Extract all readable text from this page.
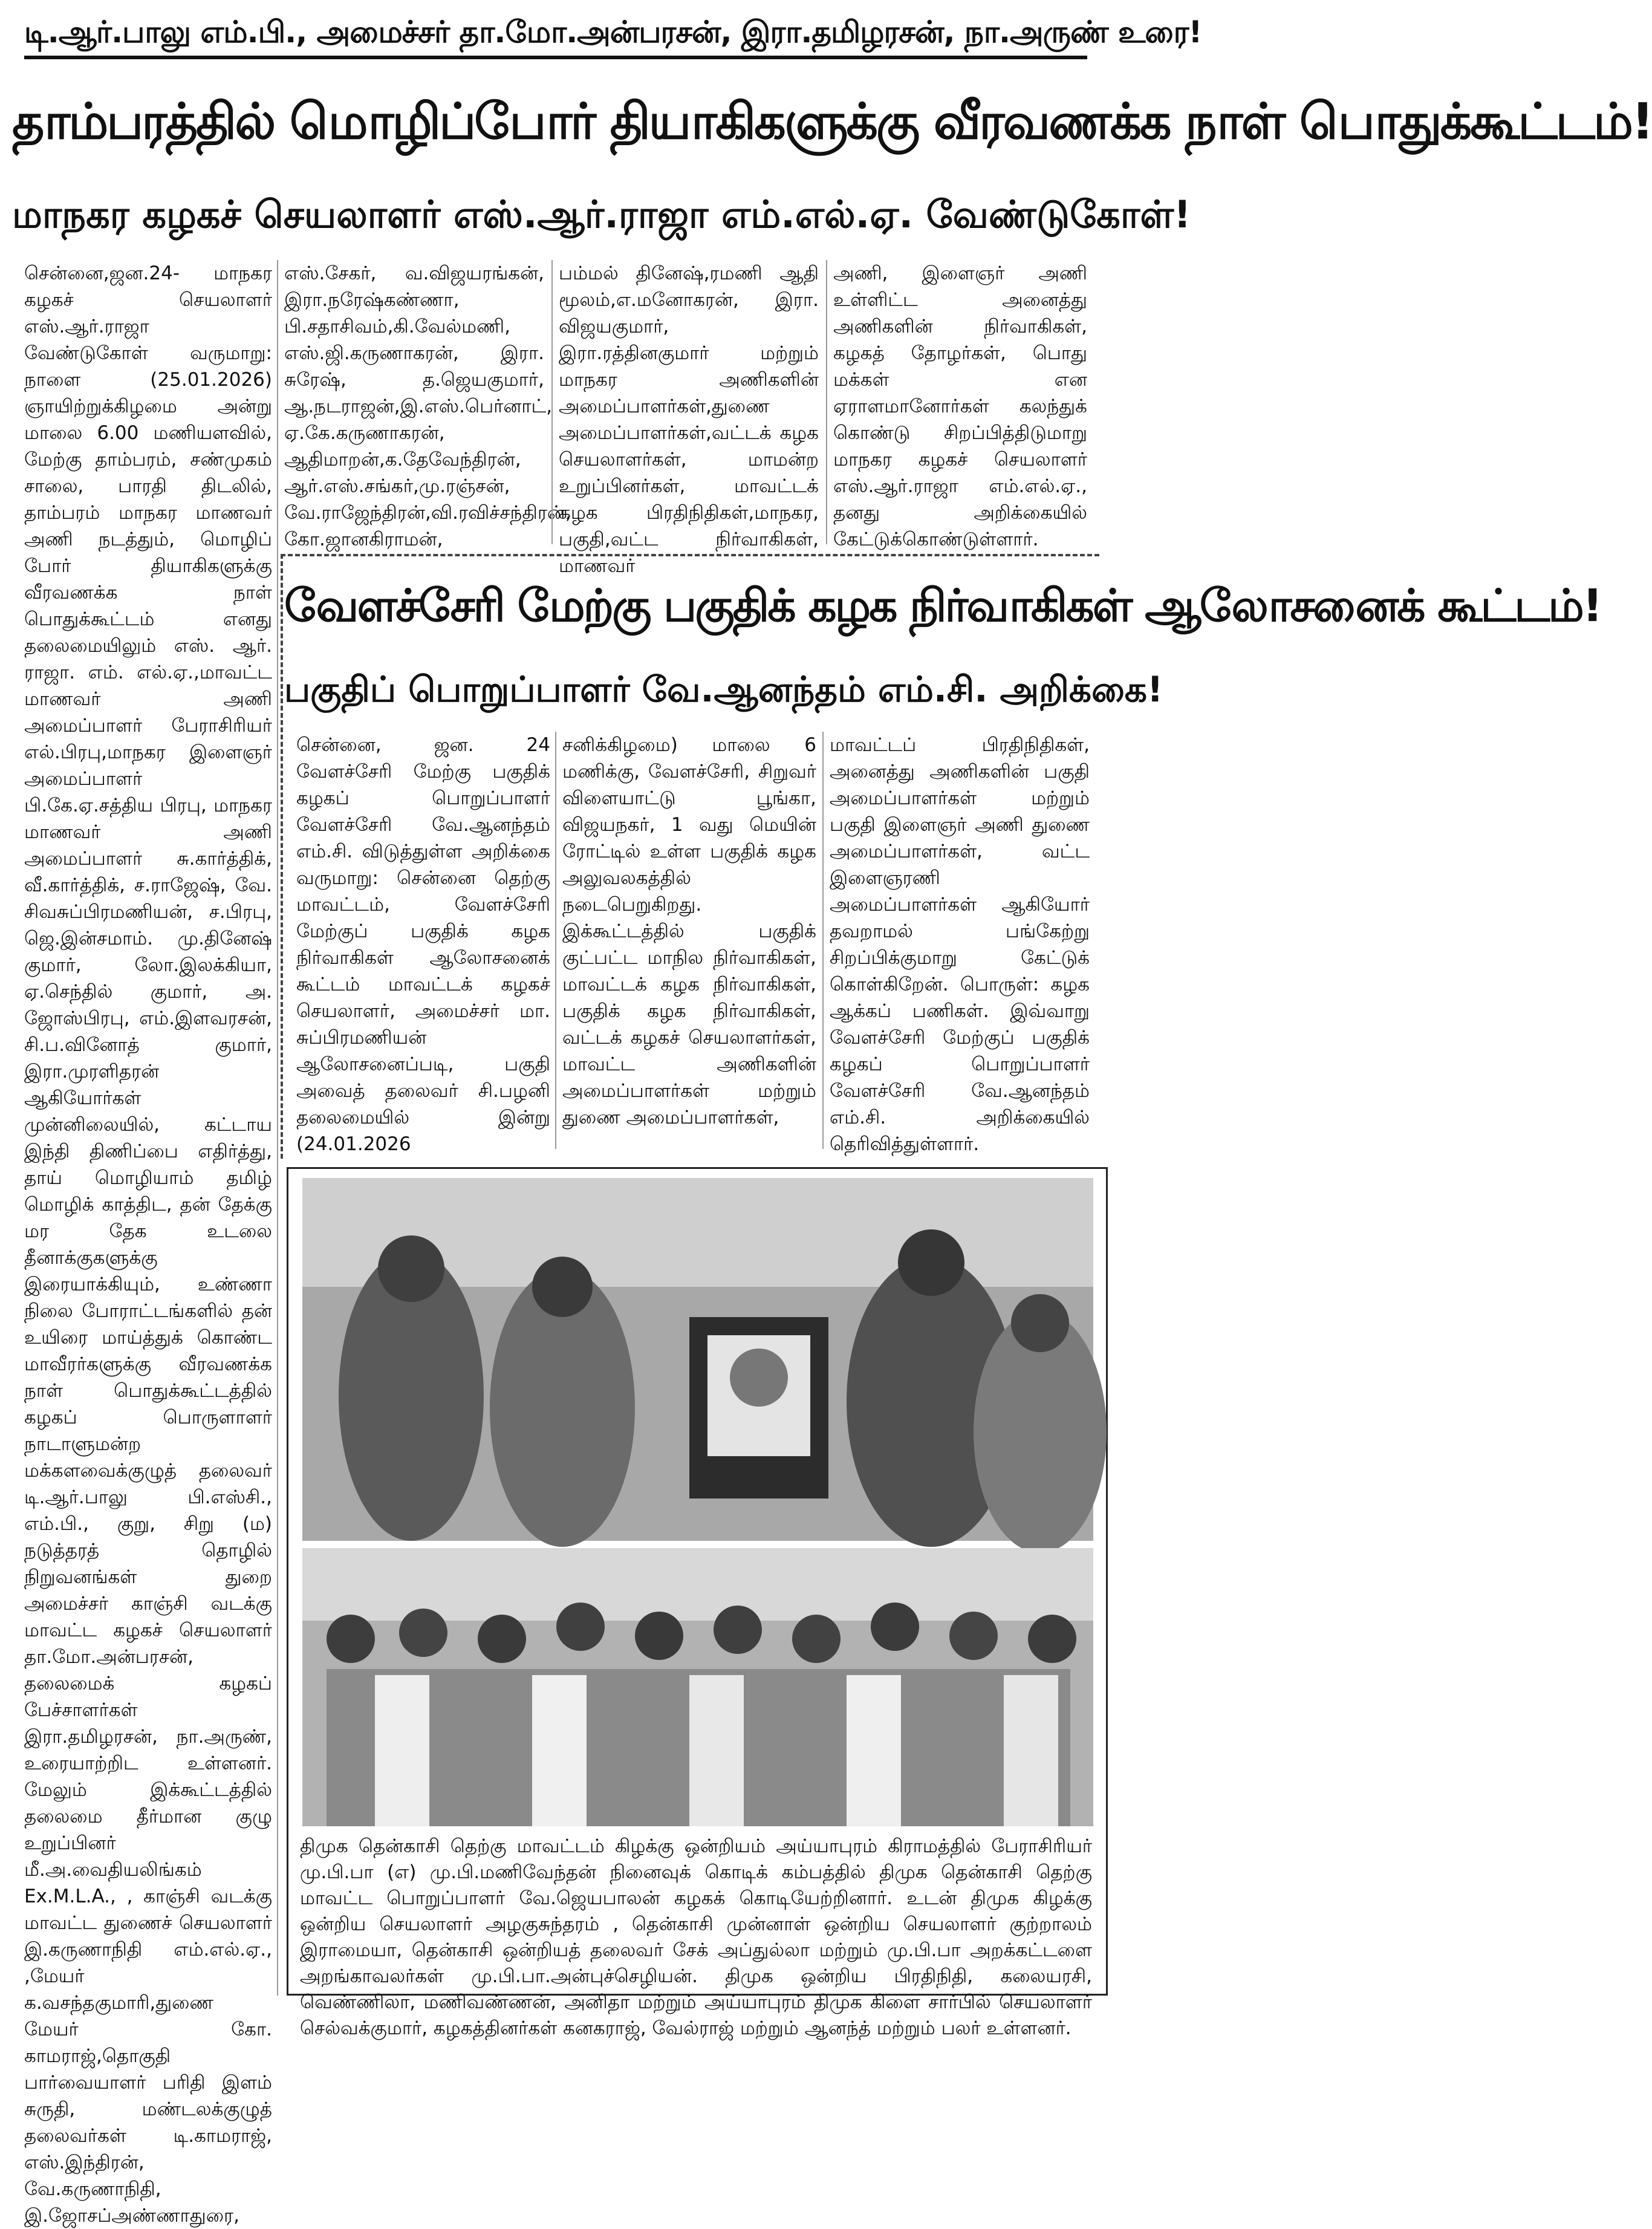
டி.ஆர்.பாலு எம்.பி., அமைச்சர் தா.மோ.அன்பரசன், இரா.தமிழரசன், நா.அருண் உரை!
தாம்பரத்தில் மொழிப்போர் தியாகிகளுக்கு வீரவணக்க நாள் பொதுக்கூட்டம்!
மாநகர கழகச் செயலாளர் எஸ்.ஆர்.ராஜா எம்.எல்.ஏ. வேண்டுகோள்!

சென்னை,ஜன.24- மாநகர கழகச் செயலாளர் எஸ்.ஆர்.ராஜா வேண்டுகோள் வருமாறு: நாளை (25.01.2026) ஞாயிற்றுக்கிழமை அன்று மாலை 6.00 மணியளவில், மேற்கு தாம்பரம், சண்முகம் சாலை, பாரதி திடலில், தாம்பரம் மாநகர மாணவர் அணி நடத்தும், மொழிப் போர் தியாகிகளுக்கு வீரவணக்க நாள் பொதுக்கூட்டம் எனது தலைமையிலும் எஸ். ஆர். ராஜா. எம். எல்.ஏ.,மாவட்ட மாணவர் அணி அமைப்பாளர் பேராசிரியர் எல்.பிரபு,மாநகர இளைஞர் அமைப்பாளர் பி.கே.ஏ.சத்திய பிரபு, மாநகர மாணவர் அணி அமைப்பாளர் சு.கார்த்திக், வீ.கார்த்திக், ச.ராஜேஷ், வே. சிவசுப்பிரமணியன், ச.பிரபு, ஜெ.இன்சமாம். மு.தினேஷ் குமார், லோ.இலக்கியா, ஏ.செந்தில் குமார், அ. ஜோஸ்பிரபு, எம்.இளவரசன், சி.ப.வினோத் குமார், இரா.முரளிதரன் ஆகியோர்கள் முன்னிலையில், கட்டாய இந்தி திணிப்பை எதிர்த்து, தாய் மொழியாம் தமிழ் மொழிக் காத்திட, தன் தேக்கு மர தேக உடலை தீனாக்குகளுக்கு இரையாக்கியும், உண்ணா நிலை போராட்டங்களில் தன் உயிரை மாய்த்துக் கொண்ட மாவீரர்களுக்கு வீரவணக்க நாள் பொதுக்கூட்டத்தில் கழகப் பொருளாளர் நாடாளுமன்ற மக்களவைக்குழுத் தலைவர் டி.ஆர்.பாலு பி.எஸ்சி., எம்.பி., குறு, சிறு (ம) நடுத்தரத் தொழில் நிறுவனங்கள் துறை அமைச்சர் காஞ்சி வடக்கு மாவட்ட கழகச் செயலாளர் தா.மோ.அன்பரசன், தலைமைக் கழகப் பேச்சாளர்கள் இரா.தமிழரசன், நா.அருண், உரையாற்றிட உள்ளனர். மேலும் இக்கூட்டத்தில் தலைமை தீர்மான குழு உறுப்பினர் மீ.அ.வைதியலிங்கம் Ex.M.L.A., , காஞ்சி வடக்கு மாவட்ட துணைச் செயலாளர் இ.கருணாநிதி எம்.எல்.ஏ., ,மேயர் க.வசந்தகுமாரி,துணை மேயர் கோ. காமராஜ்,தொகுதி பார்வையாளர் பரிதி இளம் சுருதி, மண்டலக்குழுத் தலைவர்கள் டி.காமராஜ், எஸ்.இந்திரன், வே.கருணாநிதி, இ.ஜோசப்அண்ணாதுரை,

எஸ்.சேகர், வ.விஜயரங்கன், இரா.நரேஷ்கண்ணா, பி.சதாசிவம்,கி.வேல்மணி, எஸ்.ஜி.கருணாகரன், இரா. சுரேஷ், த.ஜெயகுமார், ஆ.நடராஜன்,இ.எஸ்.பெர்னாட், ஏ.கே.கருணாகரன், ஆதிமாறன்,க.தேவேந்திரன், ஆர்.எஸ்.சங்கர்,மு.ரஞ்சன், வே.ராஜேந்திரன்,வி.ரவிச்சந்திரன், கோ.ஜானகிராமன்,

பம்மல் தினேஷ்,ரமணி ஆதி மூலம்,எ.மனோகரன், இரா. விஜயகுமார், இரா.ரத்தினகுமார் மற்றும் மாநகர அணிகளின் அமைப்பாளர்கள்,துணை அமைப்பாளர்கள்,வட்டக் கழக செயலாளர்கள், மாமன்ற உறுப்பினர்கள், மாவட்டக் கழக பிரதிநிதிகள்,மாநகர, பகுதி,வட்ட நிர்வாகிகள், மாணவர்

அணி, இளைஞர் அணி உள்ளிட்ட அனைத்து அணிகளின் நிர்வாகிகள், கழகத் தோழர்கள், பொது மக்கள் என ஏராளமானோர்கள் கலந்துக் கொண்டு சிறப்பித்திடுமாறு மாநகர கழகச் செயலாளர் எஸ்.ஆர்.ராஜா எம்.எல்.ஏ., தனது அறிக்கையில் கேட்டுக்கொண்டுள்ளார்.

வேளச்சேரி மேற்கு பகுதிக் கழக நிர்வாகிகள் ஆலோசனைக் கூட்டம்!
பகுதிப் பொறுப்பாளர் வே.ஆனந்தம் எம்.சி. அறிக்கை!

சென்னை, ஜன. 24 வேளச்சேரி மேற்கு பகுதிக் கழகப் பொறுப்பாளர் வேளச்சேரி வே.ஆனந்தம் எம்.சி. விடுத்துள்ள அறிக்கை வருமாறு: சென்னை தெற்கு மாவட்டம், வேளச்சேரி மேற்குப் பகுதிக் கழக நிர்வாகிகள் ஆலோசனைக் கூட்டம் மாவட்டக் கழகச் செயலாளர், அமைச்சர் மா. சுப்பிரமணியன் ஆலோசனைப்படி, பகுதி அவைத் தலைவர் சி.பழனி தலைமையில் இன்று (24.01.2026

சனிக்கிழமை) மாலை 6 மணிக்கு, வேளச்சேரி, சிறுவர் விளையாட்டு பூங்கா, விஜயநகர், 1 வது மெயின் ரோட்டில் உள்ள பகுதிக் கழக அலுவலகத்தில் நடைபெறுகிறது. இக்கூட்டத்தில் பகுதிக் குட்பட்ட மாநில நிர்வாகிகள், மாவட்டக் கழக நிர்வாகிகள், பகுதிக் கழக நிர்வாகிகள், வட்டக் கழகச் செயலாளர்கள், மாவட்ட அணிகளின் அமைப்பாளர்கள் மற்றும் துணை அமைப்பாளர்கள்,

மாவட்டப் பிரதிநிதிகள், அனைத்து அணிகளின் பகுதி அமைப்பாளர்கள் மற்றும் பகுதி இளைஞர் அணி துணை அமைப்பாளர்கள், வட்ட இளைஞரணி அமைப்பாளர்கள் ஆகியோர் தவறாமல் பங்கேற்று சிறப்பிக்குமாறு கேட்டுக் கொள்கிறேன். பொருள்: கழக ஆக்கப் பணிகள். இவ்வாறு வேளச்சேரி மேற்குப் பகுதிக் கழகப் பொறுப்பாளர் வேளச்சேரி வே.ஆனந்தம் எம்.சி. அறிக்கையில் தெரிவித்துள்ளார்.

திமுக தென்காசி தெற்கு மாவட்டம் கிழக்கு ஒன்றியம் அய்யாபுரம் கிராமத்தில் பேராசிரியர் மு.பி.பா (எ) மு.பி.மணிவேந்தன் நினைவுக் கொடிக் கம்பத்தில் திமுக தென்காசி தெற்கு மாவட்ட பொறுப்பாளர் வே.ஜெயபாலன் கழகக் கொடியேற்றினார். உடன் திமுக கிழக்கு ஒன்றிய செயலாளர் அழகுசுந்தரம் , தென்காசி முன்னாள் ஒன்றிய செயலாளர் குற்றாலம் இராமையா, தென்காசி ஒன்றியத் தலைவர் சேக் அப்துல்லா மற்றும் மு.பி.பா அறக்கட்டளை அறங்காவலர்கள் மு.பி.பா.அன்புச்செழியன். திமுக ஒன்றிய பிரதிநிதி, கலையரசி, வெண்ணிலா, மணிவண்ணன், அனிதா மற்றும் அய்யாபுரம் திமுக கிளை சார்பில் செயலாளர் செல்வக்குமார், கழகத்தினர்கள் கனகராஜ், வேல்ராஜ் மற்றும் ஆனந்த் மற்றும் பலர் உள்ளனர்.
